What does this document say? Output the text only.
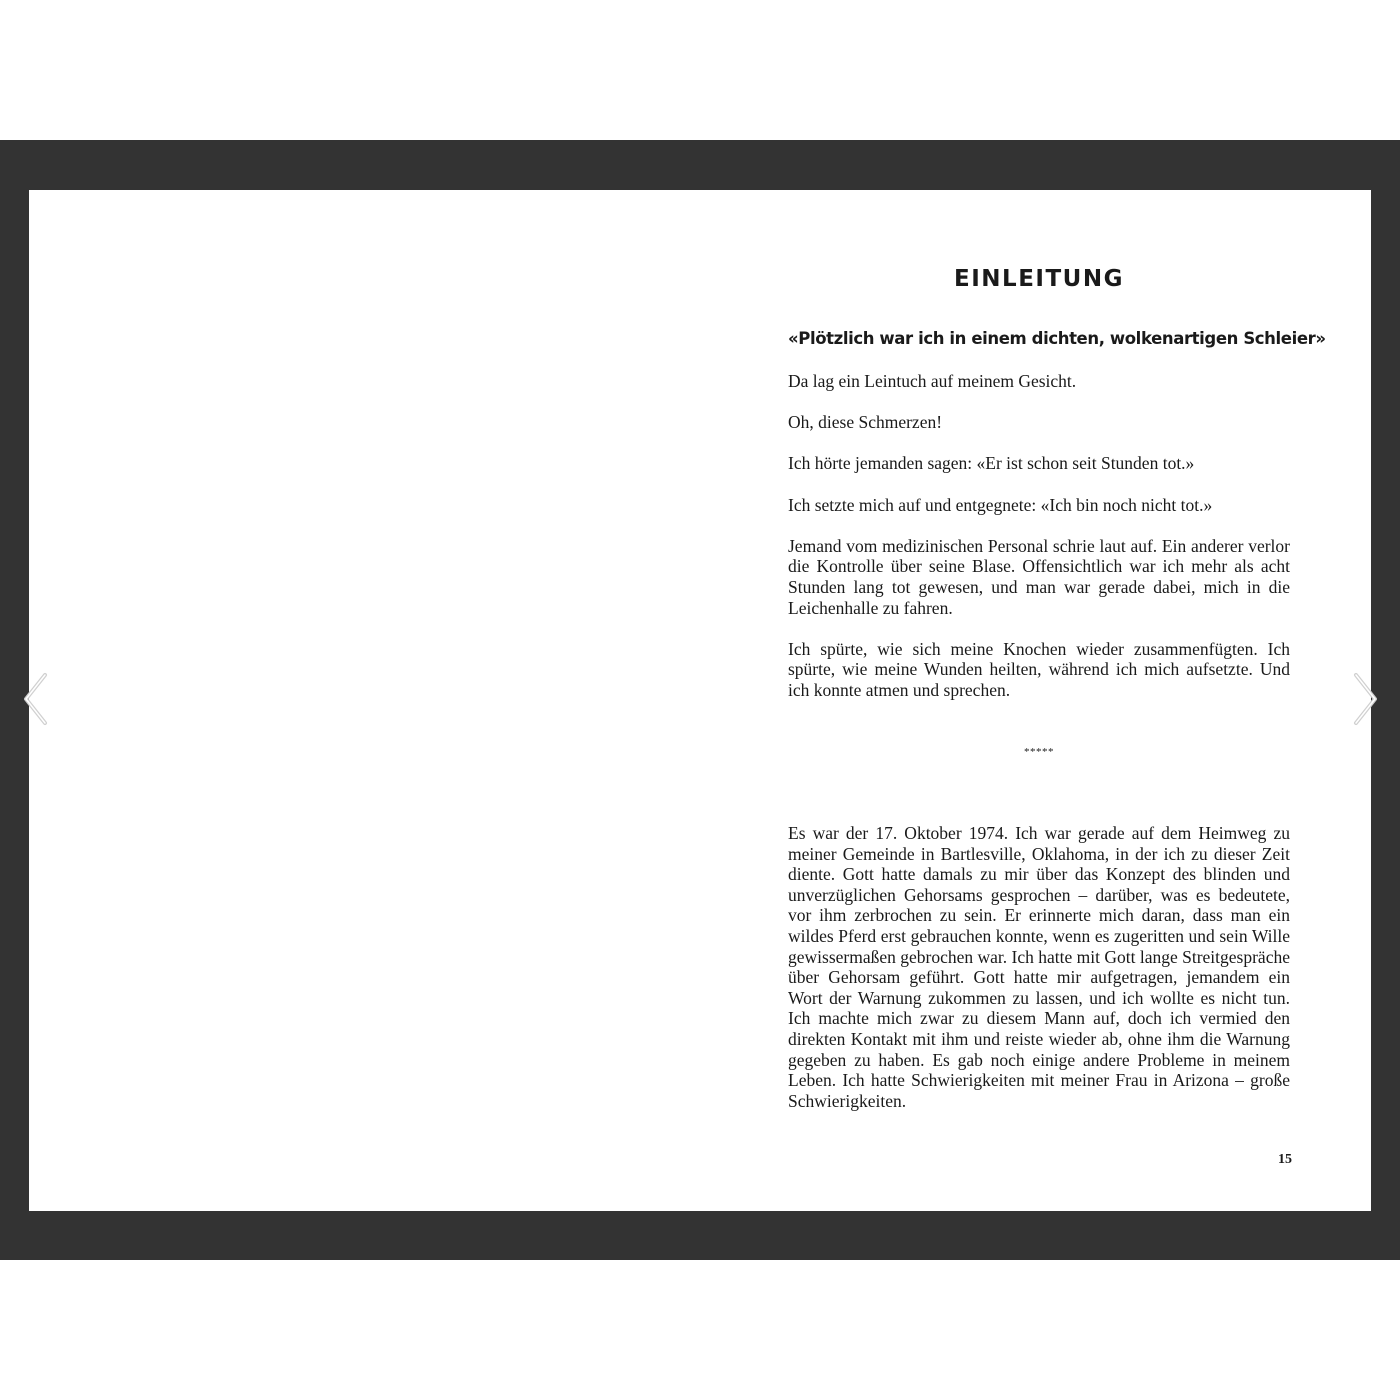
EINLEITUNG

«Plötzlich war ich in einem dichten, wolkenartigen Schleier»

Da lag ein Leintuch auf meinem Gesicht.

Oh, diese Schmerzen!

Ich hörte jemanden sagen: «Er ist schon seit Stunden tot.»

Ich setzte mich auf und entgegnete: «Ich bin noch nicht tot.»

Jemand vom medizinischen Personal schrie laut auf. Ein anderer verlor die Kontrolle über seine Blase. Offensichtlich war ich mehr als acht Stunden lang tot gewesen, und man war gerade dabei, mich in die Leichenhalle zu fahren.

Ich spürte, wie sich meine Knochen wieder zusammenfügten. Ich spürte, wie meine Wunden heilten, während ich mich aufsetzte. Und ich konnte atmen und sprechen.

*****

Es war der 17. Oktober 1974. Ich war gerade auf dem Heimweg zu meiner Gemeinde in Bartlesville, Oklahoma, in der ich zu dieser Zeit diente. Gott hatte damals zu mir über das Konzept des blinden und unverzüglichen Gehorsams gesprochen – darüber, was es bedeutete, vor ihm zerbrochen zu sein. Er erinnerte mich daran, dass man ein wildes Pferd erst gebrauchen konnte, wenn es zugeritten und sein Wille gewissermaßen gebrochen war. Ich hatte mit Gott lange Streitgespräche über Gehorsam geführt. Gott hatte mir aufgetragen, jemandem ein Wort der Warnung zukommen zu lassen, und ich wollte es nicht tun. Ich machte mich zwar zu diesem Mann auf, doch ich vermied den direkten Kontakt mit ihm und reiste wieder ab, ohne ihm die Warnung gegeben zu haben. Es gab noch einige andere Probleme in meinem Leben. Ich hatte Schwierigkeiten mit meiner Frau in Arizona – große Schwierigkeiten.

15
